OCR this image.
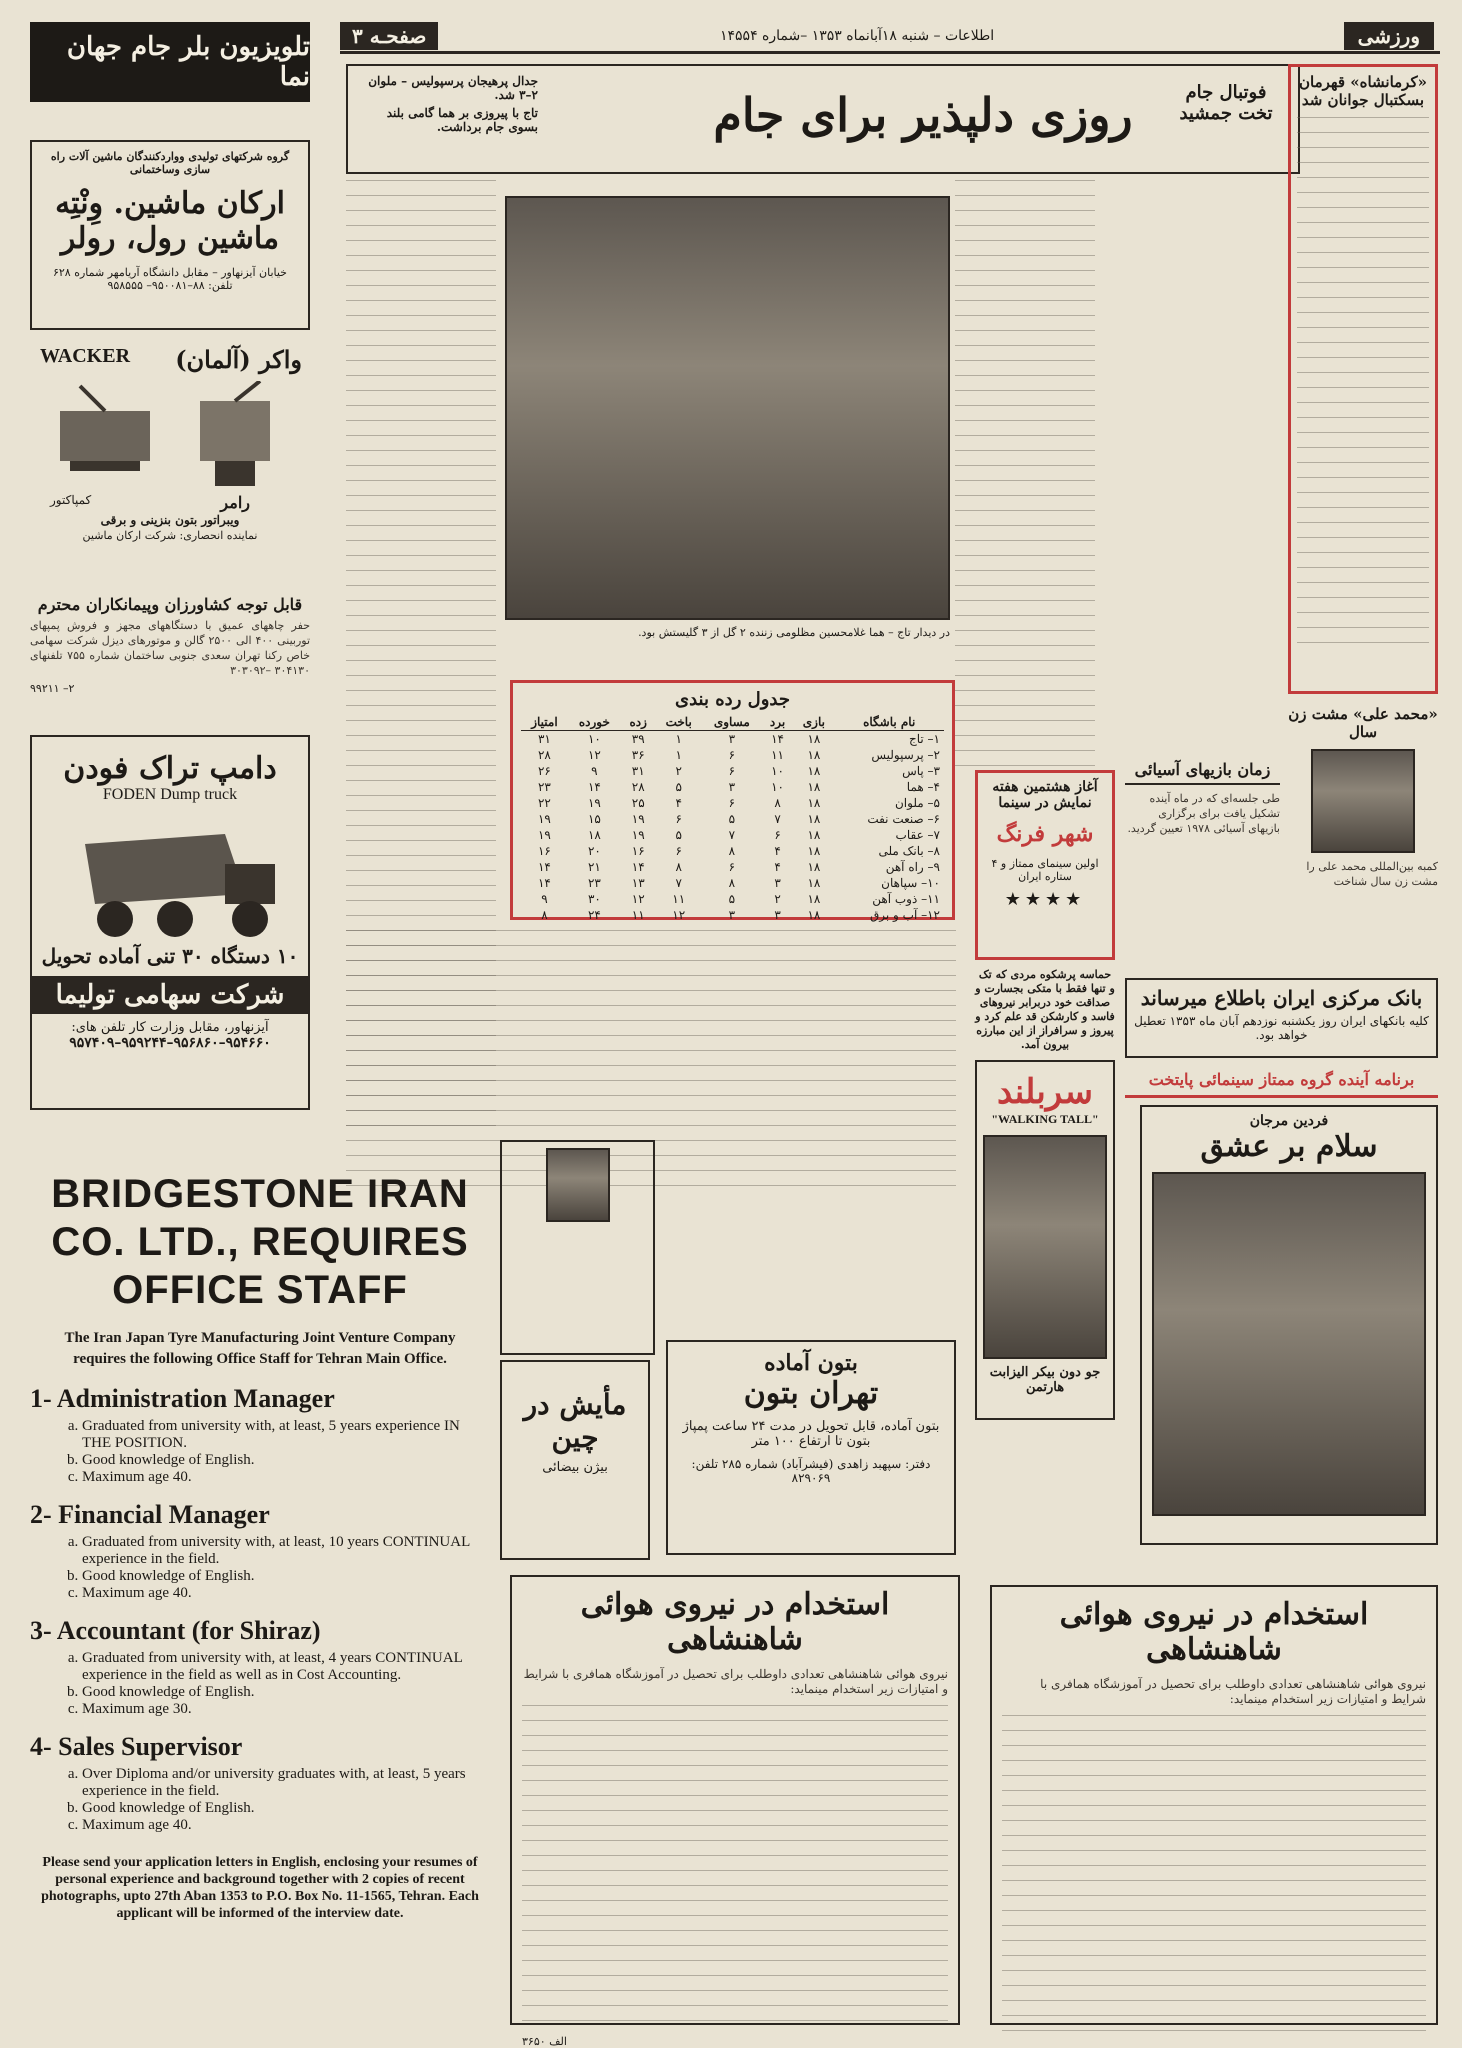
ورزشی
اطلاعات – شنبه ۱۸آبانماه ۱۳۵۳ –شماره ۱۴۵۵۴
صفحـه ۳
تلویزیون بلر جام جهان نما
گروه شرکتهای تولیدی وواردکنندگان ماشین آلات راه سازی وساختمانی
ارکان ماشین. وِنْتِه
ماشین رول، رولر
خیابان آیزنهاور – مقابل دانشگاه آریامهر شماره ۶۲۸ تلفن: ۸۸–۹۵۰۰۸۱– ۹۵۸۵۵۵
WACKER واکر (آلمان)
کمپاکتور	رامر
ویبراتور بتون بنزینی و برقی
نماینده انحصاری: شرکت ارکان ماشین
قابل توجه کشاورزان وپیمانکاران محترم
حفر چاههای عمیق با دستگاههای مجهز و فروش پمپهای توربینی ۴۰۰ الی ۲۵۰۰ گالن و موتورهای دیزل شرکت سهامی خاص رکنا تهران سعدی جنوبی ساختمان شماره ۷۵۵ تلفنهای ۳۰۴۱۳۰ –۳۰۳۰۹۲
۲– ۹۹۲۱۱
دامپ تراک فودن
FODEN Dump truck
۱۰ دستگاه ۳۰ تنی آماده تحویل
شرکت سهامی تولیما
آیزنهاور، مقابل وزارت کار تلفن های:
۹۵۴۶۶۰–۹۵۶۸۶۰–۹۵۹۲۴۴–۹۵۷۴۰۹
فوتبال جام تخت جمشید
روزی دلپذیر برای جام
جدال پرهیجان پرسپولیس – ملوان ۲–۳ شد.
تاج با پیروزی بر هما گامی بلند بسوی جام برداشت.
در دیدار تاج – هما غلامحسین مظلومی زننده ۲ گل از ۳ گلیستش بود.
جدول رده بندی
نام باشگاه	بازی	برد	مساوی	باخت	زده	خورده	امتیاز
۱– تاج	۱۸	۱۴	۳	۱	۳۹	۱۰	۳۱
۲– پرسپولیس	۱۸	۱۱	۶	۱	۳۶	۱۲	۲۸
۳– پاس	۱۸	۱۰	۶	۲	۳۱	۹	۲۶
۴– هما	۱۸	۱۰	۳	۵	۲۸	۱۴	۲۳
۵– ملوان	۱۸	۸	۶	۴	۲۵	۱۹	۲۲
۶– صنعت نفت	۱۸	۷	۵	۶	۱۹	۱۵	۱۹
۷– عقاب	۱۸	۶	۷	۵	۱۹	۱۸	۱۹
۸– بانک ملی	۱۸	۴	۸	۶	۱۶	۲۰	۱۶
۹– راه آهن	۱۸	۴	۶	۸	۱۴	۲۱	۱۴
۱۰– سپاهان	۱۸	۳	۸	۷	۱۳	۲۳	۱۴
۱۱– ذوب آهن	۱۸	۲	۵	۱۱	۱۲	۳۰	۹
۱۲– آب و برق	۱۸	۳	۳	۱۲	۱۱	۲۴	۸
«کرمانشاه» قهرمان بسکتبال جوانان شد
«محمد علی» مشت زن سال
کمبه بین‌المللی محمد علی را مشت زن سال شناخت
زمان بازیهای آسیائی
طی جلسه‌ای که در ماه آینده تشکیل یافت برای برگزاری بازیهای آسیائی ۱۹۷۸ تعیین گردید.
بانک مرکزی ایران باطلاع میرساند
کلیه بانکهای ایران روز یکشنبه نوزدهم آبان ماه ۱۳۵۳ تعطیل خواهد بود.
برنامه آینده گروه ممتاز سینمائی پایتخت
آغاز هشتمین هفته نمایش در سینما
شهر فرنگ
اولین سینمای ممتاز و ۴ ستاره ایران
★★★★
حماسه پرشکوه مردی که تک و تنها فقط با متکی بجسارت و صداقت خود دربرابر نیروهای فاسد و کارشکن قد علم کرد و پیروز و سرافراز از این مبارزه بیرون آمد.
سربلند
"WALKING TALL"
جو دون بیکر الیزابت هارتمن
فردین مرجان
سلام بر عشق
مأیش در چین
بیژن بیضائی
بتون آماده
تهران بتون
بتون آماده، قابل تحویل در مدت ۲۴ ساعت پمپاژ بتون تا ارتفاع ۱۰۰ متر
دفتر: سپهبد زاهدی (فیشرآباد) شماره ۲۸۵ تلفن: ۸۲۹۰۶۹
استخدام در نیروی هوائی شاهنشاهی
نیروی هوائی شاهنشاهی تعدادی داوطلب برای تحصیل در آموزشگاه همافری با شرایط و امتیازات زیر استخدام مینماید:
الف ۳۶۵۰
استخدام در نیروی هوائی شاهنشاهی
نیروی هوائی شاهنشاهی تعدادی داوطلب برای تحصیل در آموزشگاه همافری با شرایط و امتیازات زیر استخدام مینماید:
BRIDGESTONE IRAN CO. LTD., REQUIRES OFFICE STAFF
The Iran Japan Tyre Manufacturing Joint Venture Company requires the following Office Staff for Tehran Main Office.
1- Administration Manager
a. Graduated from university with, at least, 5 years experience IN THE POSITION.
b. Good knowledge of English.
c. Maximum age 40.
2- Financial Manager
a. Graduated from university with, at least, 10 years CONTINUAL experience in the field.
b. Good knowledge of English.
c. Maximum age 40.
3- Accountant (for Shiraz)
a. Graduated from university with, at least, 4 years CONTINUAL experience in the field as well as in Cost Accounting.
b. Good knowledge of English.
c. Maximum age 30.
4- Sales Supervisor
a. Over Diploma and/or university graduates with, at least, 5 years experience in the field.
b. Good knowledge of English.
c. Maximum age 40.
Please send your application letters in English, enclosing your resumes of personal experience and background together with 2 copies of recent photographs, upto 27th Aban 1353 to P.O. Box No. 11-1565, Tehran. Each applicant will be informed of the interview date.
